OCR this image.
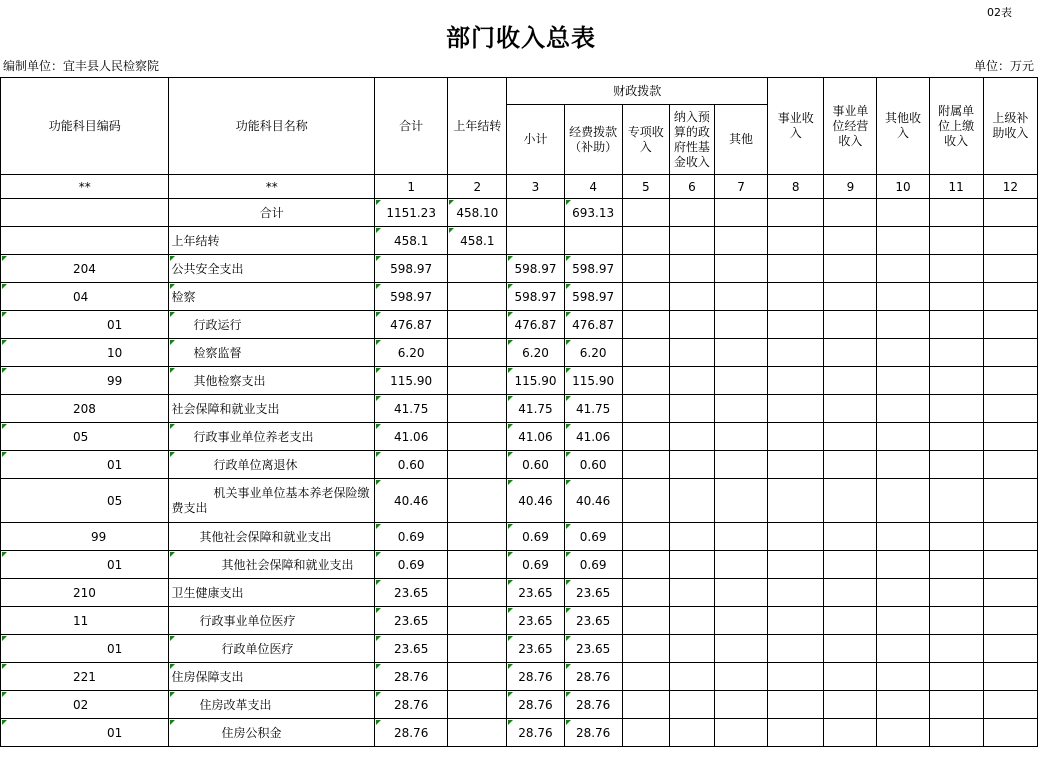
02表
部门收入总表
编制单位：宜丰县人民检察院	单位：万元
功能科目编码	功能科目名称	合计	上年结转	财政拨款					事业收入	事业单位经营收入	其他收入	附属单位上缴收入	上级补助收入

				小计	经费拨款（补助）	专项收入	纳入预算的政府性基金收入	其他					
**	**	1	2	3	4	5	6	7	8	9	10	11	12
	合计	1151.23	458.10		693.13								
	上年结转	458.1	458.1										
204	公共安全支出	598.97		598.97	598.97								
04	检察	598.97		598.97	598.97								
01	行政运行	476.87		476.87	476.87								
10	检察监督	6.20		6.20	6.20								
99	其他检察支出	115.90		115.90	115.90								
208	社会保障和就业支出	41.75		41.75	41.75								
05	行政事业单位养老支出	41.06		41.06	41.06								
01	行政单位离退休	0.60		0.60	0.60								
05	机关事业单位基本养老保险缴费支出	40.46		40.46	40.46								
99	其他社会保障和就业支出	0.69		0.69	0.69								
01	其他社会保障和就业支出	0.69		0.69	0.69								
210	卫生健康支出	23.65		23.65	23.65								
11	行政事业单位医疗	23.65		23.65	23.65								
01	行政单位医疗	23.65		23.65	23.65								
221	住房保障支出	28.76		28.76	28.76								
02	住房改革支出	28.76		28.76	28.76								
01	住房公积金	28.76		28.76	28.76								
